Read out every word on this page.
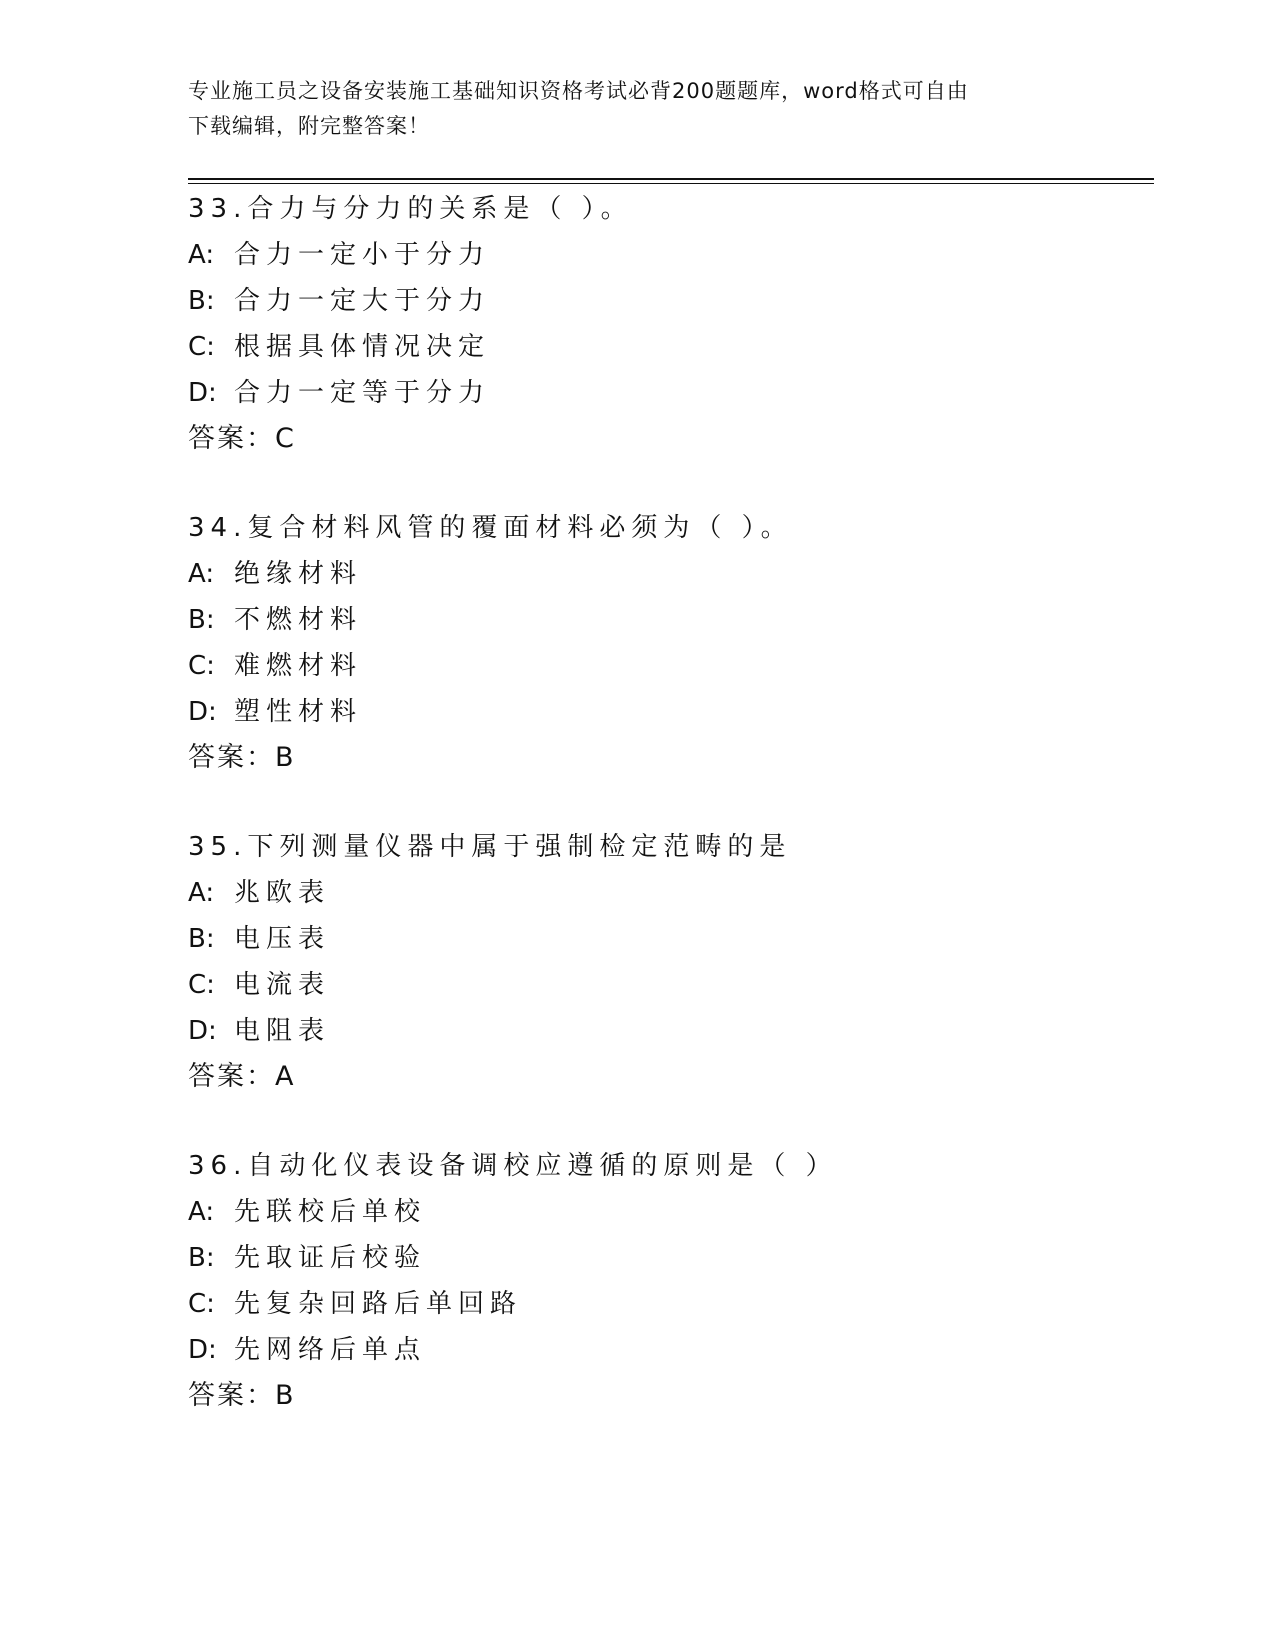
专业施工员之设备安装施工基础知识资格考试必背200题题库，word格式可自由
下载编辑，附完整答案！
33.合力与分力的关系是（ ）。
A: 合力一定小于分力
B: 合力一定大于分力
C: 根据具体情况决定
D: 合力一定等于分力
答案：C
34.复合材料风管的覆面材料必须为（ ）。
A: 绝缘材料
B: 不燃材料
C: 难燃材料
D: 塑性材料
答案：B
35.下列测量仪器中属于强制检定范畴的是
A: 兆欧表
B: 电压表
C: 电流表
D: 电阻表
答案：A
36.自动化仪表设备调校应遵循的原则是（ ）
A: 先联校后单校
B: 先取证后校验
C: 先复杂回路后单回路
D: 先网络后单点
答案：B
